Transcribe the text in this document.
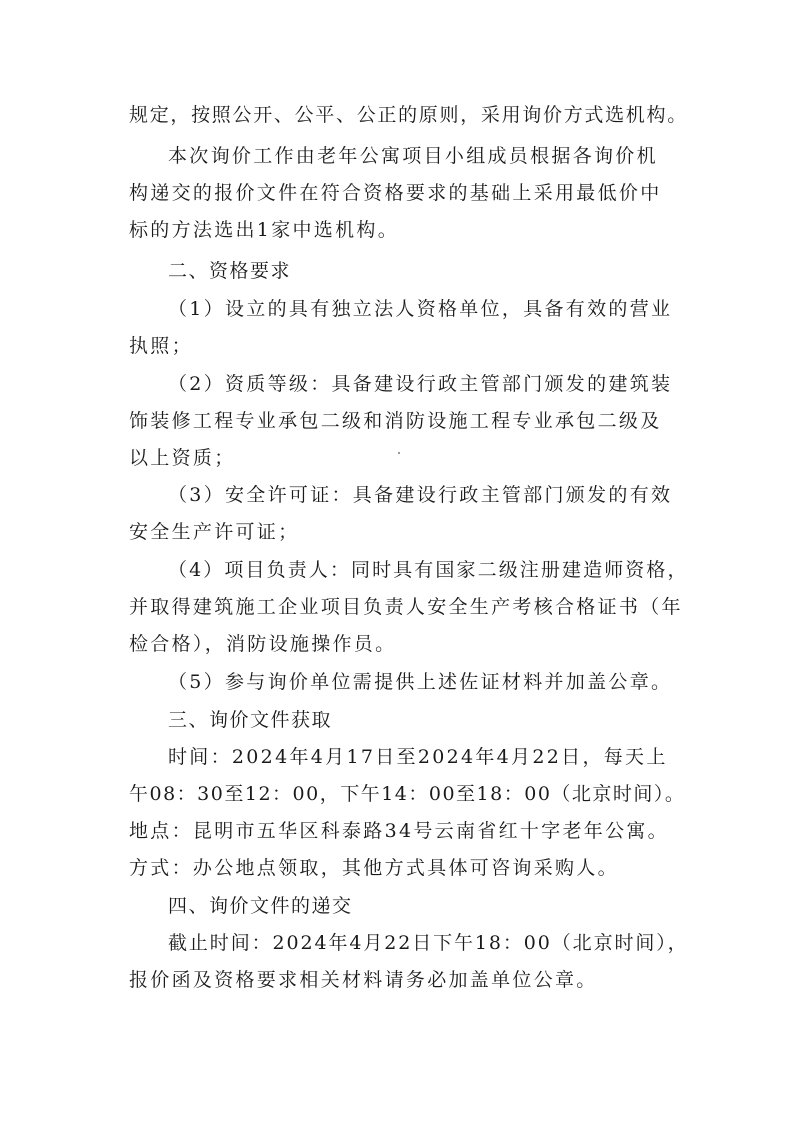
规定，按照公开、公平、公正的原则，采用询价方式选机构。
本次询价工作由老年公寓项目小组成员根据各询价机
构递交的报价文件在符合资格要求的基础上采用最低价中
标的方法选出1家中选机构。
二、资格要求
（1）设立的具有独立法人资格单位，具备有效的营业
执照；
（2）资质等级：具备建设行政主管部门颁发的建筑装
饰装修工程专业承包二级和消防设施工程专业承包二级及
以上资质；
（3）安全许可证：具备建设行政主管部门颁发的有效
安全生产许可证；
（4）项目负责人：同时具有国家二级注册建造师资格，
并取得建筑施工企业项目负责人安全生产考核合格证书（年
检合格），消防设施操作员。
（5）参与询价单位需提供上述佐证材料并加盖公章。
三、询价文件获取
时间：2024年4月17日至2024年4月22日，每天上
午08：30至12：00，下午14：00至18：00（北京时间）。
地点：昆明市五华区科泰路34号云南省红十字老年公寓。
方式：办公地点领取，其他方式具体可咨询采购人。
四、询价文件的递交
截止时间：2024年4月22日下午18：00（北京时间），
报价函及资格要求相关材料请务必加盖单位公章。
